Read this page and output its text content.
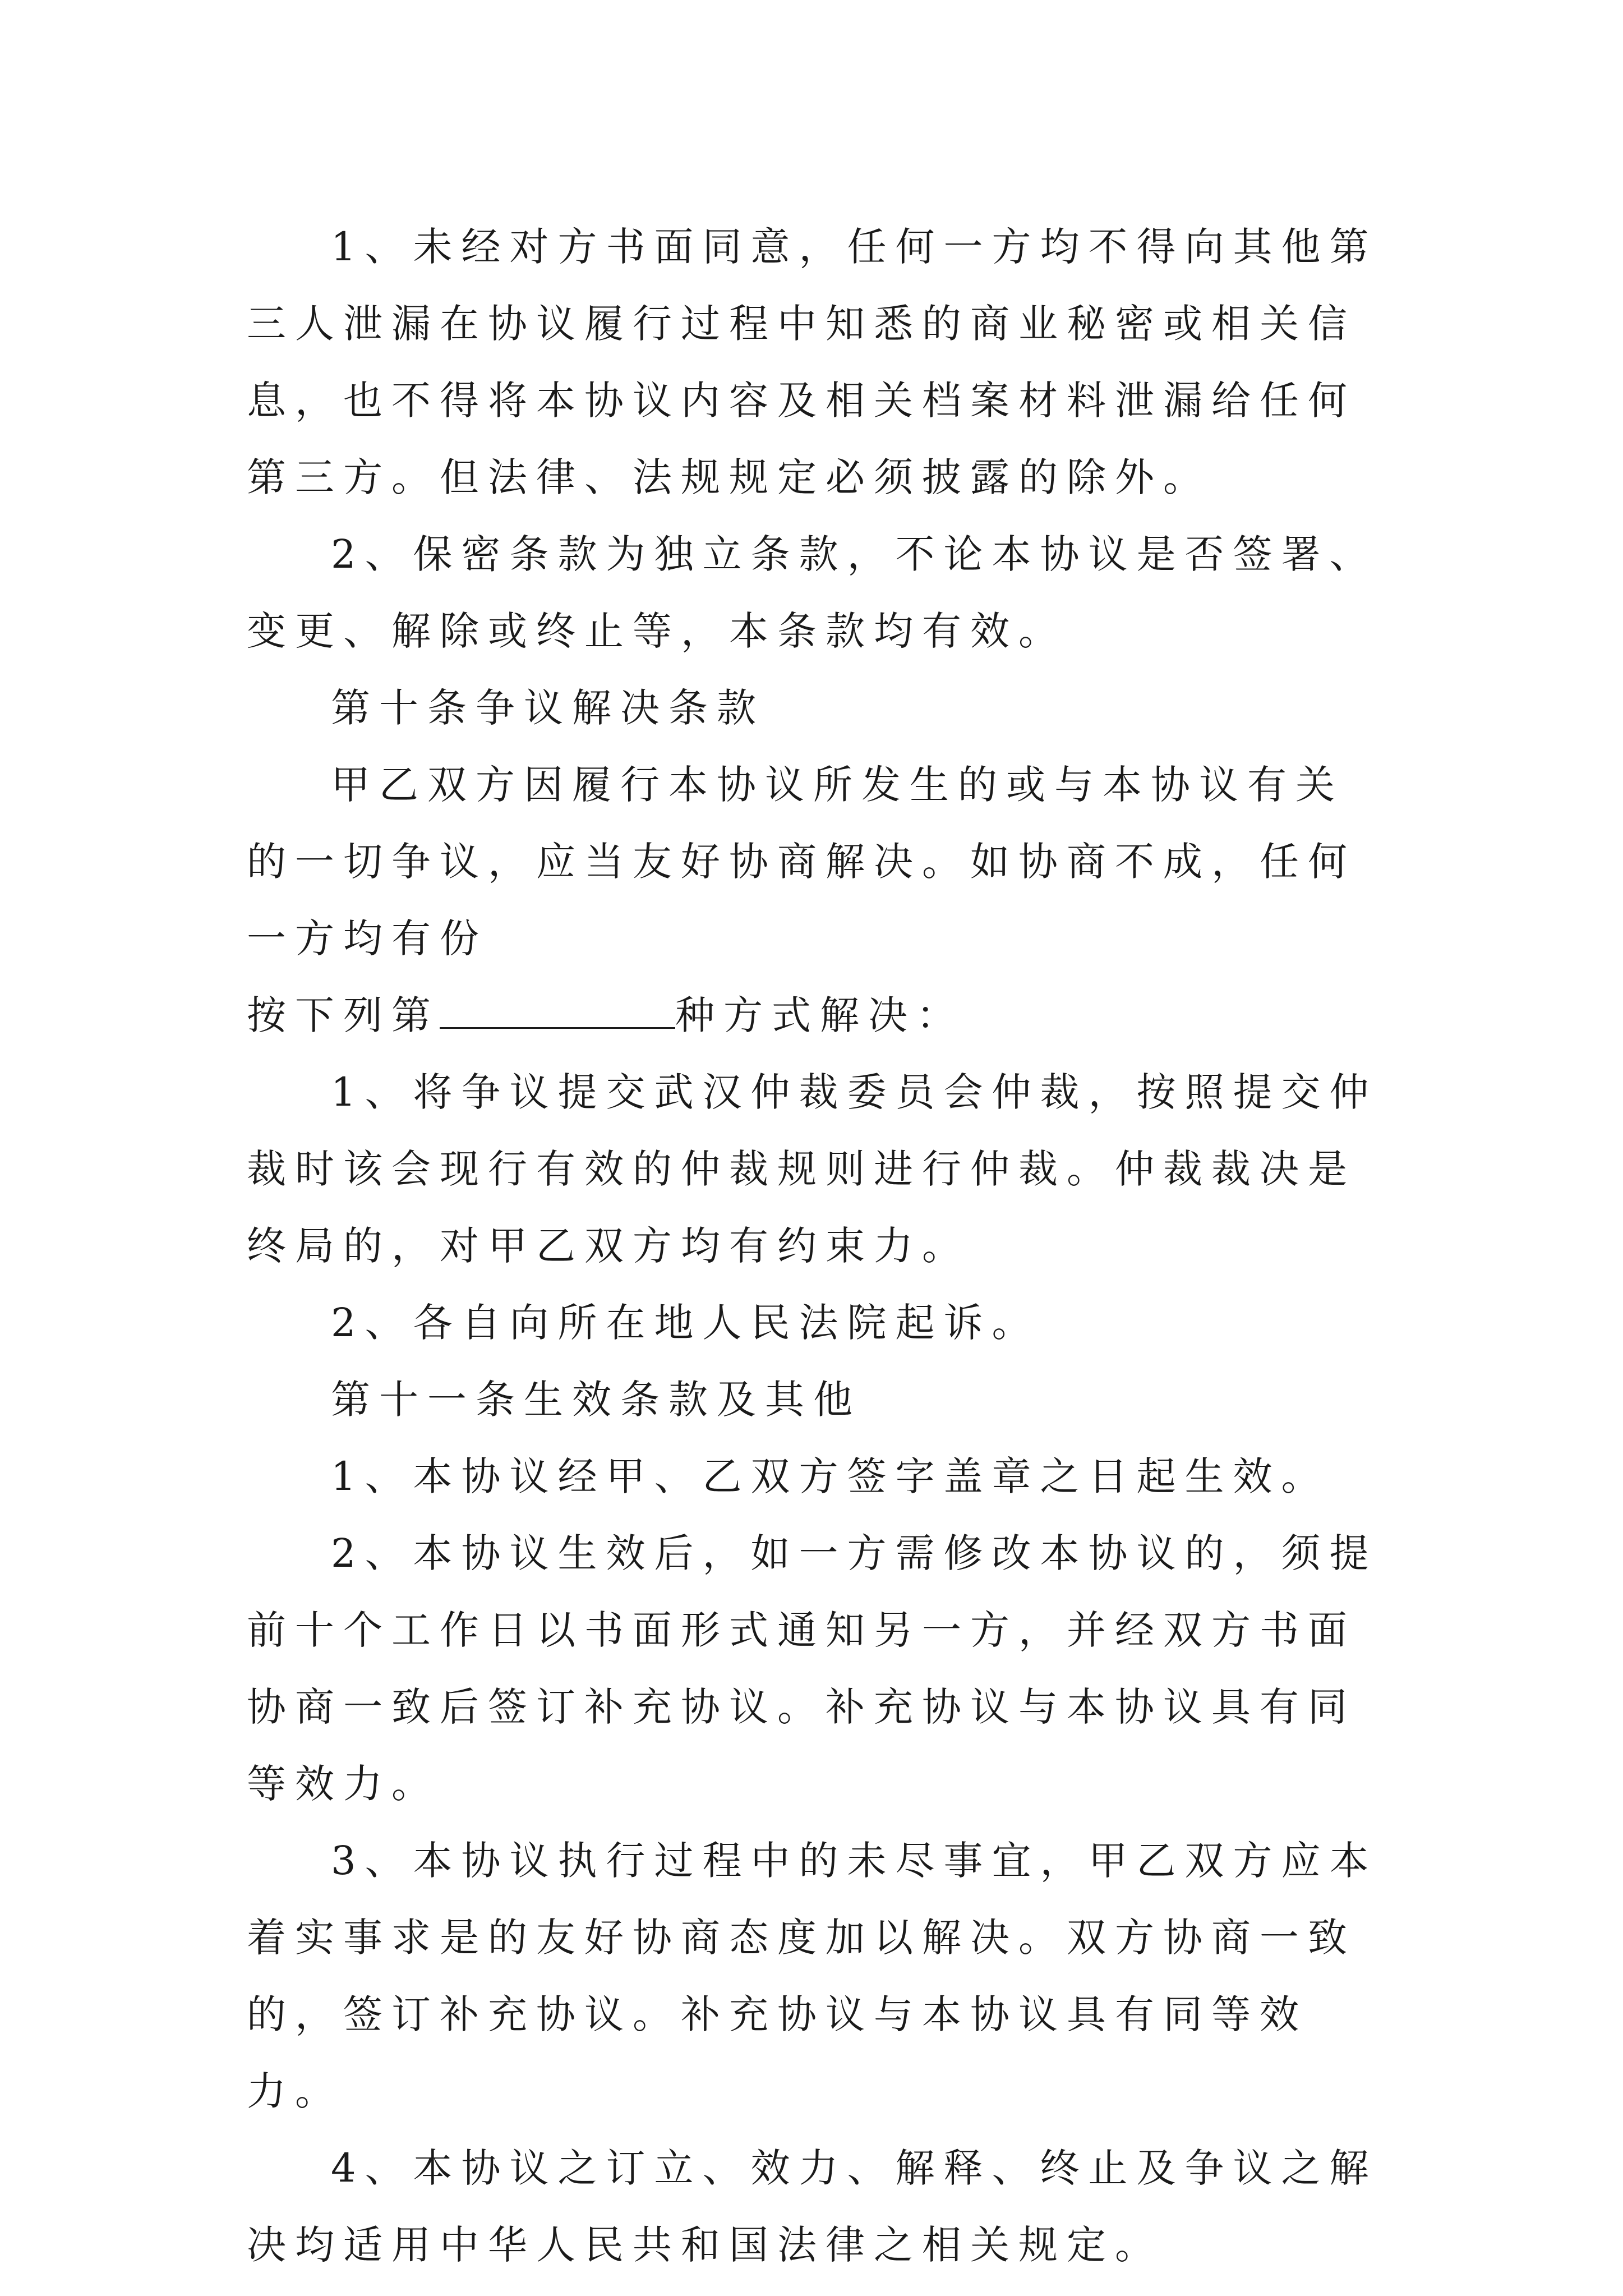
1、未经对方书面同意，任何一方均不得向其他第三人泄漏在协议履行过程中知悉的商业秘密或相关信息，也不得将本协议内容及相关档案材料泄漏给任何第三方。但法律、法规规定必须披露的除外。

2、保密条款为独立条款，不论本协议是否签署、变更、解除或终止等，本条款均有效。

第十条争议解决条款

甲乙双方因履行本协议所发生的或与本协议有关的一切争议，应当友好协商解决。如协商不成，任何一方均有份

按下列第	种方式解决：

1、将争议提交武汉仲裁委员会仲裁，按照提交仲裁时该会现行有效的仲裁规则进行仲裁。仲裁裁决是终局的，对甲乙双方均有约束力。

2、各自向所在地人民法院起诉。

第十一条生效条款及其他

1、本协议经甲、乙双方签字盖章之日起生效。

2、本协议生效后，如一方需修改本协议的，须提前十个工作日以书面形式通知另一方，并经双方书面协商一致后签订补充协议。补充协议与本协议具有同等效力。

3、本协议执行过程中的未尽事宜，甲乙双方应本着实事求是的友好协商态度加以解决。双方协商一致的，签订补充协议。补充协议与本协议具有同等效力。

4、本协议之订立、效力、解释、终止及争议之解决均适用中华人民共和国法律之相关规定。
